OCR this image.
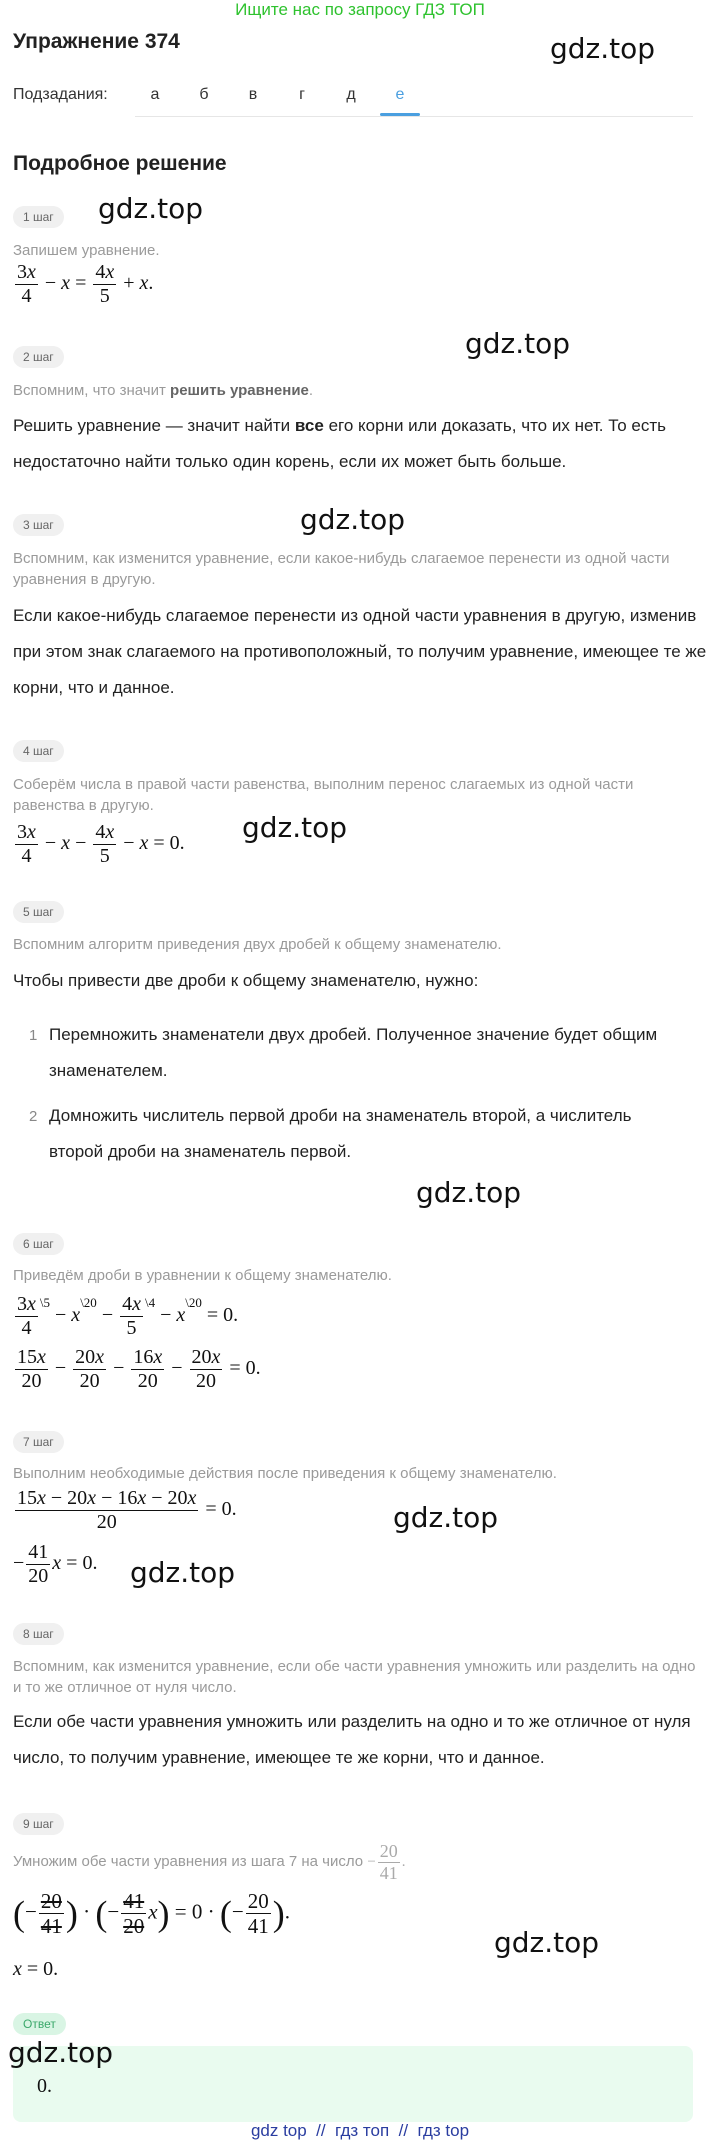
Ищите нас по запросу ГДЗ ТОП
Упражнение 374	gdz.top
Подзадания:	а	б	в	г	д	е
Подробное решение
1 шаг	gdz.top
Запишем уравнение.
$\frac{3x}{4} - x = \frac{4x}{5} + x$.
2 шаг	gdz.top
Вспомним, что значит решить уравнение.
Решить уравнение — значит найти все его корни или доказать, что их нет. То есть недостаточно найти только один корень, если их может быть больше.
3 шаг	gdz.top
Вспомним, как изменится уравнение, если какое-нибудь слагаемое перенести из одной части уравнения в другую.
Если какое-нибудь слагаемое перенести из одной части уравнения в другую, изменив при этом знак слагаемого на противоположный, то получим уравнение, имеющее те же корни, что и данное.
4 шаг
Соберём числа в правой части равенства, выполним перенос слагаемых из одной части равенства в другую.
$\frac{3x}{4} - x - \frac{4x}{5} - x = 0$. gdz.top
5 шаг
Вспомним алгоритм приведения двух дробей к общему знаменателю.
Чтобы привести две дроби к общему знаменателю, нужно:
1 Перемножить знаменатели двух дробей. Полученное значение будет общим знаменателем.
2 Домножить числитель первой дроби на знаменатель второй, а числитель второй дроби на знаменатель первой.
gdz.top
6 шаг
Приведём дроби в уравнении к общему знаменателю.
$\frac{3x}{4} ^{\backslash 5} - x^{\backslash 20} - \frac{4x}{5} ^{\backslash 4} - x^{\backslash 20} = 0$.
$\frac{15x}{20} - \frac{20x}{20} - \frac{16x}{20} - \frac{20x}{20} = 0$.
7 шаг
Выполним необходимые действия после приведения к общему знаменателю.
$\frac{15x - 20x - 16x - 20x}{20} = 0$.	gdz.top
− $\frac{41}{20}$ x = 0. gdz.top
8 шаг
Вспомним, как изменится уравнение, если обе части уравнения умножить или разделить на одно и то же отличное от нуля число.
Если обе части уравнения умножить или разделить на одно и то же отличное от нуля число, то получим уравнение, имеющее те же корни, что и данное.
9 шаг
Умножим обе части уравнения из шага 7 на число − $\frac{20}{41}$ .
(− $\frac{20}{41}$ ) · (− $\frac{41}{20} x) = 0$ · (− $\frac{20}{41}$ ).
gdz.top
x = 0.
Ответ
gdz.top
0.
gdz top  //  гдз топ  //  гдз top
